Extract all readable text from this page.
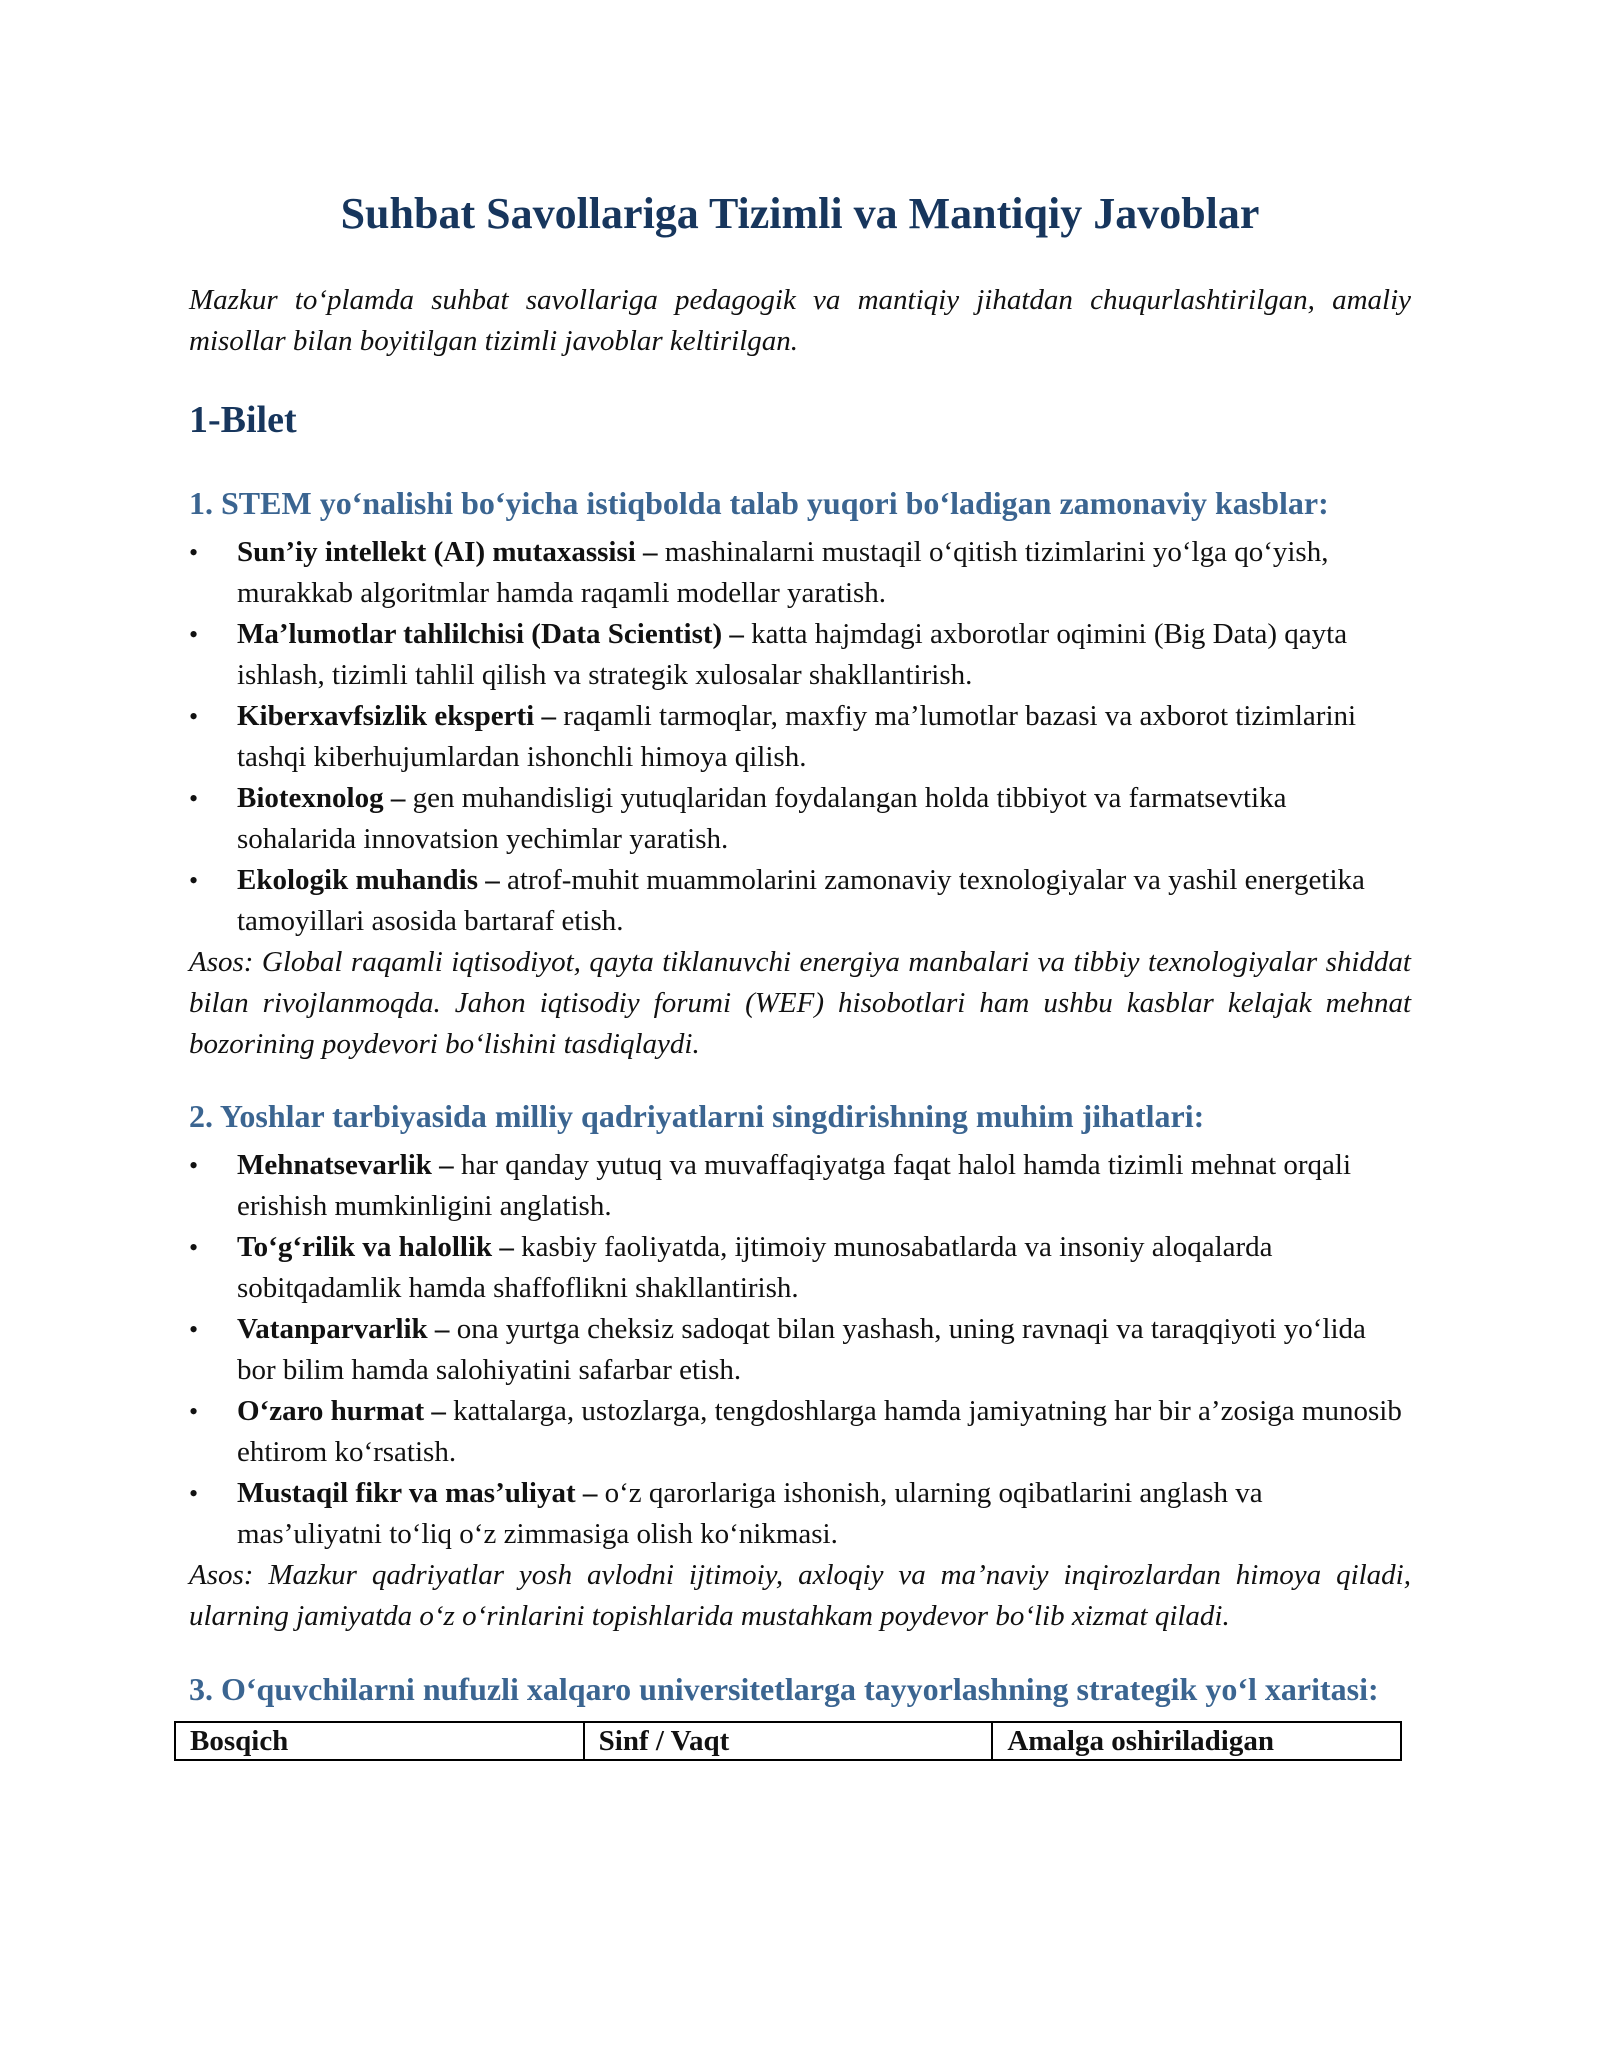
Suhbat Savollariga Tizimli va Mantiqiy Javoblar

Mazkur to‘plamda suhbat savollariga pedagogik va mantiqiy jihatdan chuqurlashtirilgan, amaliy misollar bilan boyitilgan tizimli javoblar keltirilgan.

1-Bilet
1. STEM yo‘nalishi bo‘yicha istiqbolda talab yuqori bo‘ladigan zamonaviy kasblar:
•	Sun’iy intellekt (AI) mutaxassisi – mashinalarni mustaqil o‘qitish tizimlarini yo‘lga qo‘yish, murakkab algoritmlar hamda raqamli modellar yaratish.
•	Ma’lumotlar tahlilchisi (Data Scientist) – katta hajmdagi axborotlar oqimini (Big Data) qayta ishlash, tizimli tahlil qilish va strategik xulosalar shakllantirish.
•	Kiberxavfsizlik eksperti – raqamli tarmoqlar, maxfiy ma’lumotlar bazasi va axborot tizimlarini tashqi kiberhujumlardan ishonchli himoya qilish.
•	Biotexnolog – gen muhandisligi yutuqlaridan foydalangan holda tibbiyot va farmatsevtika sohalarida innovatsion yechimlar yaratish.
•	Ekologik muhandis – atrof-muhit muammolarini zamonaviy texnologiyalar va yashil energetika tamoyillari asosida bartaraf etish.

Asos: Global raqamli iqtisodiyot, qayta tiklanuvchi energiya manbalari va tibbiy texnologiyalar shiddat bilan rivojlanmoqda. Jahon iqtisodiy forumi (WEF) hisobotlari ham ushbu kasblar kelajak mehnat bozorining poydevori bo‘lishini tasdiqlaydi.

2. Yoshlar tarbiyasida milliy qadriyatlarni singdirishning muhim jihatlari:
•	Mehnatsevarlik – har qanday yutuq va muvaffaqiyatga faqat halol hamda tizimli mehnat orqali erishish mumkinligini anglatish.
•	To‘g‘rilik va halollik – kasbiy faoliyatda, ijtimoiy munosabatlarda va insoniy aloqalarda sobitqadamlik hamda shaffoflikni shakllantirish.
•	Vatanparvarlik – ona yurtga cheksiz sadoqat bilan yashash, uning ravnaqi va taraqqiyoti yo‘lida bor bilim hamda salohiyatini safarbar etish.
•	O‘zaro hurmat – kattalarga, ustozlarga, tengdoshlarga hamda jamiyatning har bir a’zosiga munosib ehtirom ko‘rsatish.
•	Mustaqil fikr va mas’uliyat – o‘z qarorlariga ishonish, ularning oqibatlarini anglash va mas’uliyatni to‘liq o‘z zimmasiga olish ko‘nikmasi.

Asos: Mazkur qadriyatlar yosh avlodni ijtimoiy, axloqiy va ma’naviy inqirozlardan himoya qiladi, ularning jamiyatda o‘z o‘rinlarini topishlarida mustahkam poydevor bo‘lib xizmat qiladi.

3. O‘quvchilarni nufuzli xalqaro universitetlarga tayyorlashning strategik yo‘l xaritasi:
Bosqich	Sinf / Vaqt	Amalga oshiriladigan
